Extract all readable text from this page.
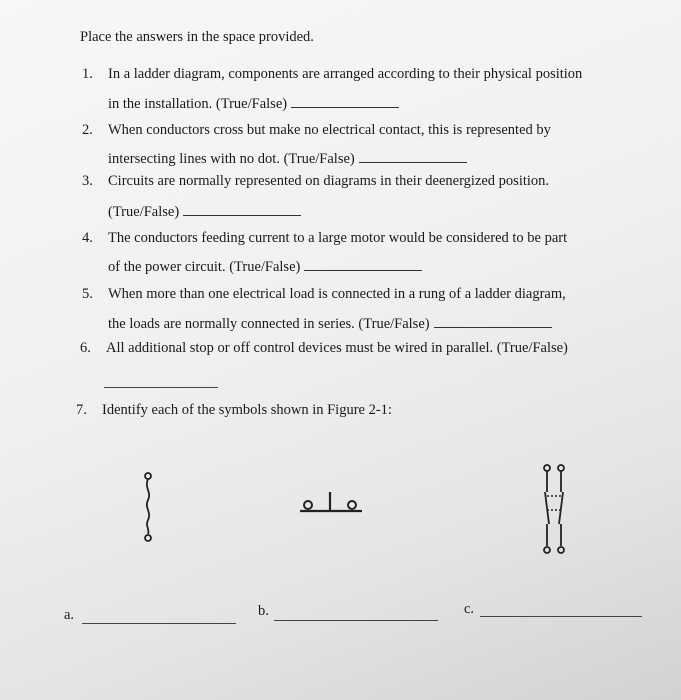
Place the answers in the space provided.
1. In a ladder diagram, components are arranged according to their physical position
in the installation. (True/False)
2. When conductors cross but make no electrical contact, this is represented by
intersecting lines with no dot. (True/False)
3. Circuits are normally represented on diagrams in their deenergized position.
(True/False)
4. The conductors feeding current to a large motor would be considered to be part
of the power circuit. (True/False)
5. When more than one electrical load is connected in a rung of a ladder diagram,
the loads are normally connected in series. (True/False)
6. All additional stop or off control devices must be wired in parallel. (True/False)
7. Identify each of the symbols shown in Figure 2-1:
a.	b.	c.
